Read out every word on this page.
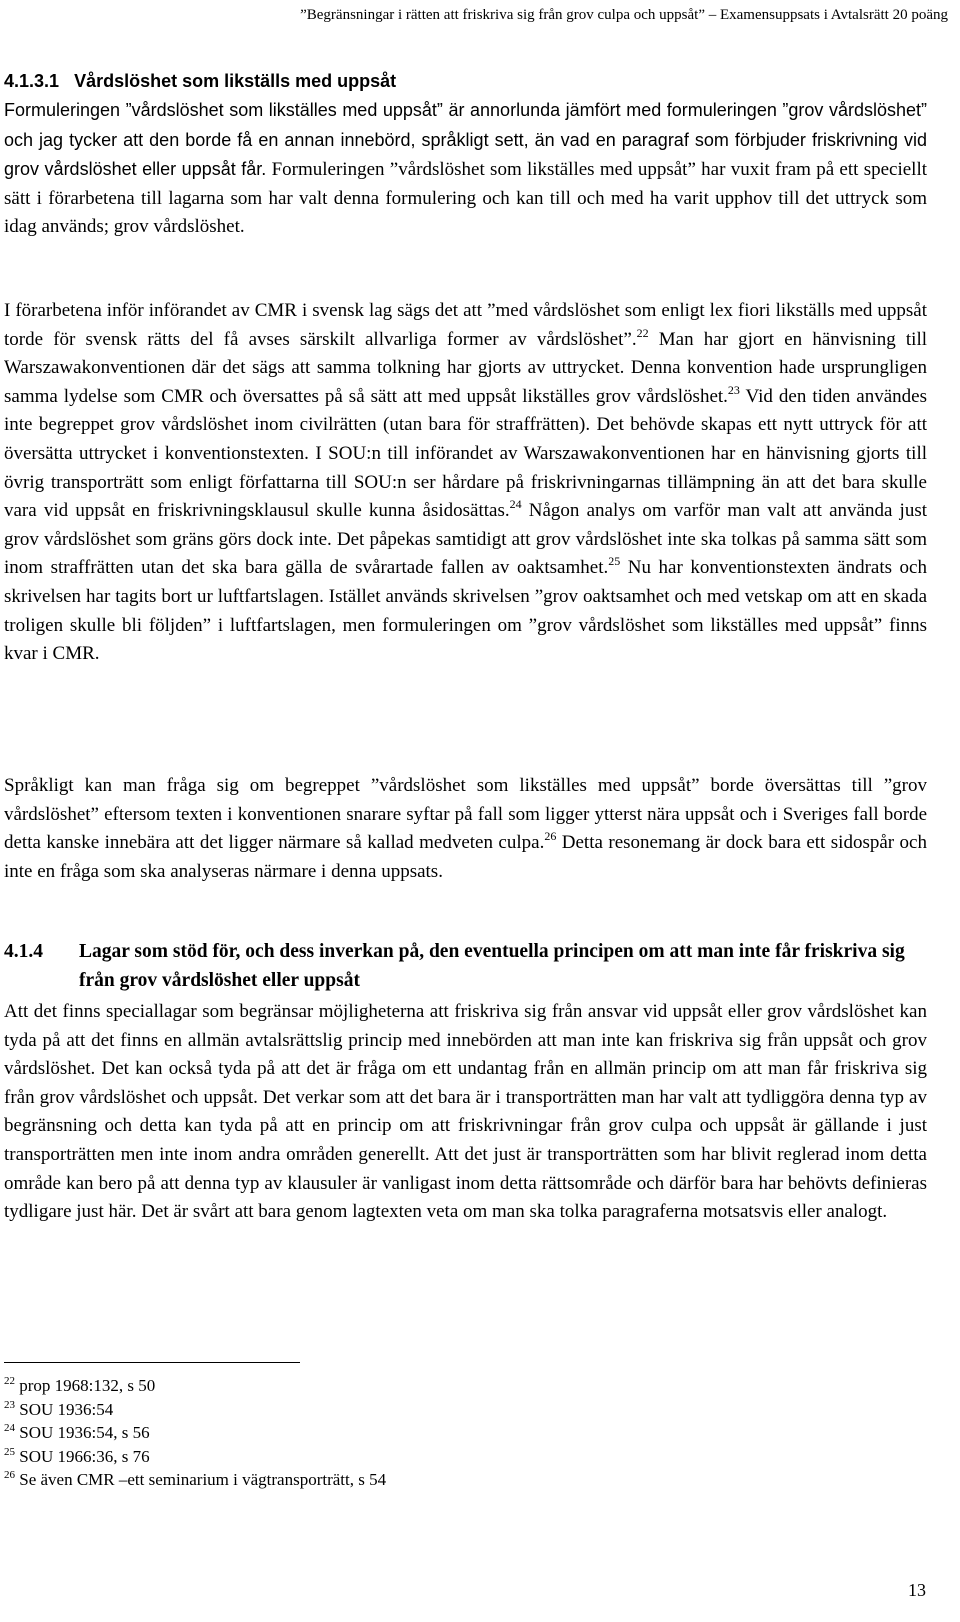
”Begränsningar i rätten att friskriva sig från grov culpa och uppsåt” – Examensuppsats i Avtalsrätt 20 poäng
4.1.3.1 Vårdslöshet som likställs med uppsåt

Formuleringen ”vårdslöshet som likställes med uppsåt” är annorlunda jämfört med formuleringen ”grov vårdslöshet” och jag tycker att den borde få en annan innebörd, språkligt sett, än vad en paragraf som förbjuder friskrivning vid grov vårdslöshet eller uppsåt får. Formuleringen ”vårdslöshet som likställes med uppsåt” har vuxit fram på ett speciellt sätt i förarbetena till lagarna som har valt denna formulering och kan till och med ha varit upphov till det uttryck som idag används; grov vårdslöshet.

I förarbetena inför införandet av CMR i svensk lag sägs det att ”med vårdslöshet som enligt lex fiori likställs med uppsåt torde för svensk rätts del få avses särskilt allvarliga former av vårdslöshet”.$^{22}$ Man har gjort en hänvisning till Warszawakonventionen där det sägs att samma tolkning har gjorts av uttrycket. Denna konvention hade ursprungligen samma lydelse som CMR och översattes på så sätt att med uppsåt likställes grov vårdslöshet.$^{23}$ Vid den tiden användes inte begreppet grov vårdslöshet inom civilrätten (utan bara för straffrätten). Det behövde skapas ett nytt uttryck för att översätta uttrycket i konventionstexten. I SOU:n till införandet av Warszawakonventionen har en hänvisning gjorts till övrig transporträtt som enligt författarna till SOU:n ser hårdare på friskrivningarnas tillämpning än att det bara skulle vara vid uppsåt en friskrivningsklausul skulle kunna åsidosättas.$^{24}$ Någon analys om varför man valt att använda just grov vårdslöshet som gräns görs dock inte. Det påpekas samtidigt att grov vårdslöshet inte ska tolkas på samma sätt som inom straffrätten utan det ska bara gälla de svårartade fallen av oaktsamhet.$^{25}$ Nu har konventionstexten ändrats och skrivelsen har tagits bort ur luftfartslagen. Istället används skrivelsen ”grov oaktsamhet och med vetskap om att en skada troligen skulle bli följden” i luftfartslagen, men formuleringen om ”grov vårdslöshet som likställes med uppsåt” finns kvar i CMR.

Språkligt kan man fråga sig om begreppet ”vårdslöshet som likställes med uppsåt” borde översättas till ”grov vårdslöshet” eftersom texten i konventionen snarare syftar på fall som ligger ytterst nära uppsåt och i Sveriges fall borde detta kanske innebära att det ligger närmare så kallad medveten culpa.$^{26}$ Detta resonemang är dock bara ett sidospår och inte en fråga som ska analyseras närmare i denna uppsats.

4.1.4 Lagar som stöd för, och dess inverkan på, den eventuella principen om att man inte får friskriva sig från grov vårdslöshet eller uppsåt

Att det finns speciallagar som begränsar möjligheterna att friskriva sig från ansvar vid uppsåt eller grov vårdslöshet kan tyda på att det finns en allmän avtalsrättslig princip med innebörden att man inte kan friskriva sig från uppsåt och grov vårdslöshet. Det kan också tyda på att det är fråga om ett undantag från en allmän princip om att man får friskriva sig från grov vårdslöshet och uppsåt. Det verkar som att det bara är i transporträtten man har valt att tydliggöra denna typ av begränsning och detta kan tyda på att en princip om att friskrivningar från grov culpa och uppsåt är gällande i just transporträtten men inte inom andra områden generellt. Att det just är transporträtten som har blivit reglerad inom detta område kan bero på att denna typ av klausuler är vanligast inom detta rättsområde och därför bara har behövts definieras tydligare just här. Det är svårt att bara genom lagtexten veta om man ska tolka paragraferna motsatsvis eller analogt.

$^{22}$ prop 1968:132, s 50
$^{23}$ SOU 1936:54
$^{24}$ SOU 1936:54, s 56
$^{25}$ SOU 1966:36, s 76
$^{26}$ Se även CMR –ett seminarium i vägtransporträtt, s 54
13
